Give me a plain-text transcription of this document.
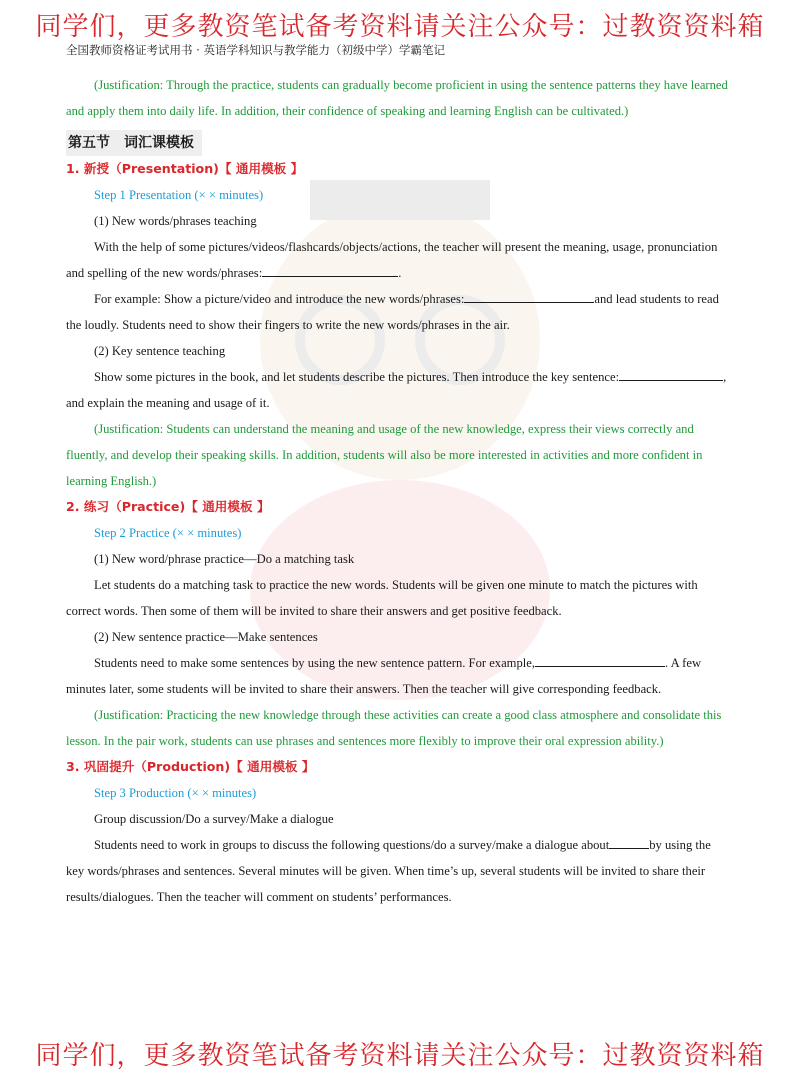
同学们，更多教资笔试备考资料请关注公众号：过教资资料箱
全国教师资格证考试用书 · 英语学科知识与教学能力（初级中学）学霸笔记

(Justification: Through the practice, students can gradually become proficient in using the sentence patterns they have learned and apply them into daily life. In addition, their confidence of speaking and learning English can be cultivated.)

第五节　词汇课模板

1. 新授（Presentation)【 通用模板 】

Step 1 Presentation (× × minutes)

(1) New words/phrases teaching

With the help of some pictures/videos/flashcards/objects/actions, the teacher will present the meaning, usage, pronunciation and spelling of the new words/phrases:	.

For example: Show a picture/video and introduce the new words/phrases:	and lead students to read the loudly. Students need to show their fingers to write the new words/phrases in the air.

(2) Key sentence teaching

Show some pictures in the book, and let students describe the pictures. Then introduce the key sentence:	, and explain the meaning and usage of it.

(Justification: Students can understand the meaning and usage of the new knowledge, express their views correctly and fluently, and develop their speaking skills. In addition, students will also be more interested in activities and more confident in learning English.)

2. 练习（Practice)【 通用模板 】

Step 2 Practice (× × minutes)

(1) New word/phrase practice—Do a matching task

Let students do a matching task to practice the new words. Students will be given one minute to match the pictures with correct words. Then some of them will be invited to share their answers and get positive feedback.

(2) New sentence practice—Make sentences

Students need to make some sentences by using the new sentence pattern. For example,	. A few minutes later, some students will be invited to share their answers. Then the teacher will give corresponding feedback.

(Justification: Practicing the new knowledge through these activities can create a good class atmosphere and consolidate this lesson. In the pair work, students can use phrases and sentences more flexibly to improve their oral expression ability.)

3. 巩固提升（Production)【 通用模板 】

Step 3 Production (× × minutes)

Group discussion/Do a survey/Make a dialogue

Students need to work in groups to discuss the following questions/do a survey/make a dialogue about	by using the key words/phrases and sentences. Several minutes will be given. When time’s up, several students will be invited to share their results/dialogues. Then the teacher will comment on students’ performances.

同学们，更多教资笔试备考资料请关注公众号：过教资资料箱
